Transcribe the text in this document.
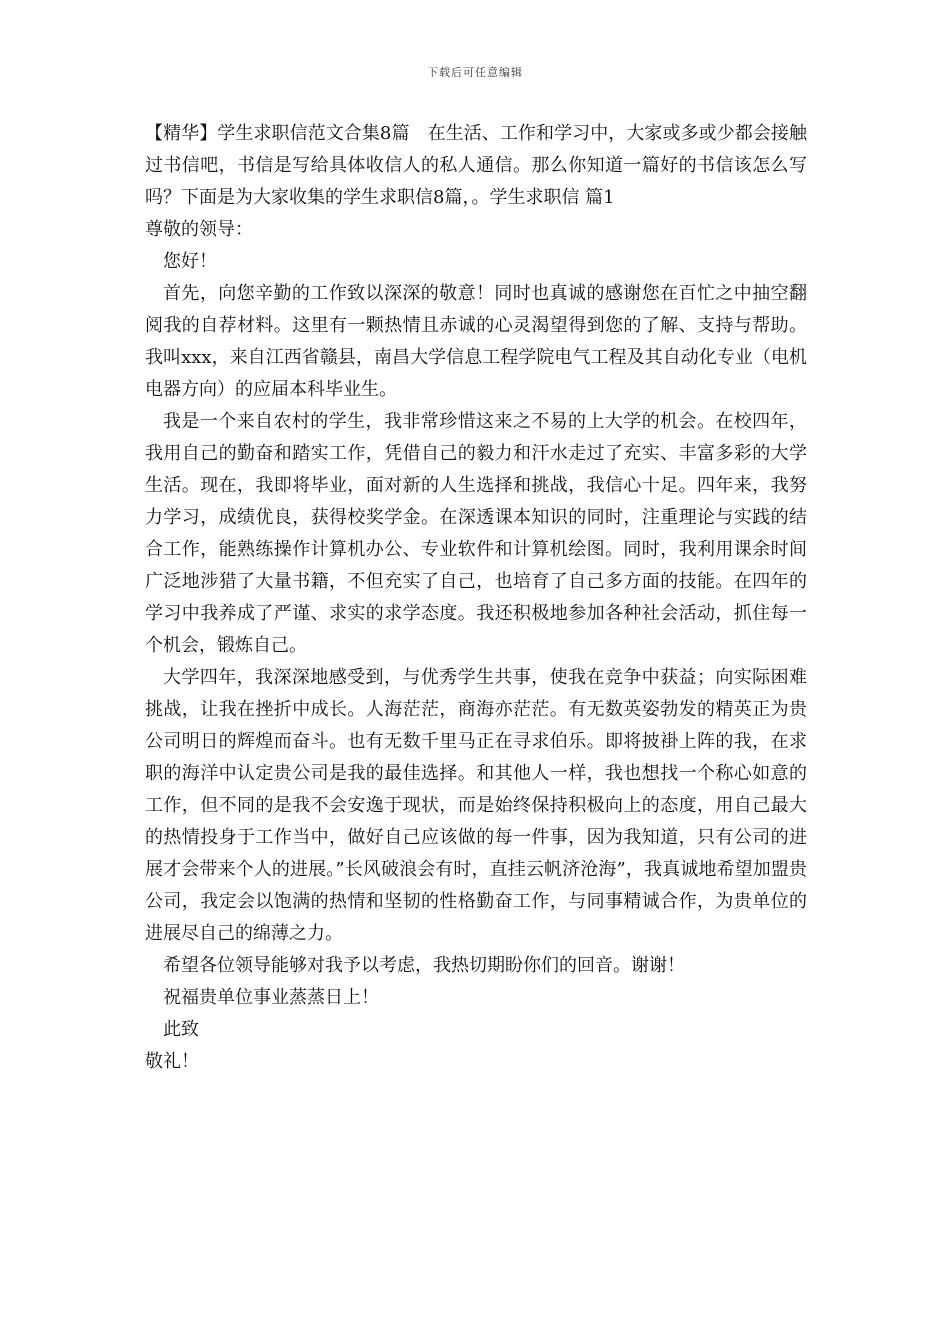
下载后可任意编辑

【精华】学生求职信范文合集8篇　在生活、工作和学习中，大家或多或少都会接触过书信吧，书信是写给具体收信人的私人通信。那么你知道一篇好的书信该怎么写吗？下面是为大家收集的学生求职信8篇，。学生求职信 篇1

尊敬的领导：

您好！

首先，向您辛勤的工作致以深深的敬意！同时也真诚的感谢您在百忙之中抽空翻阅我的自荐材料。这里有一颗热情且赤诚的心灵渴望得到您的了解、支持与帮助。我叫xxx，来自江西省赣县，南昌大学信息工程学院电气工程及其自动化专业（电机电器方向）的应届本科毕业生。

我是一个来自农村的学生，我非常珍惜这来之不易的上大学的机会。在校四年，我用自己的勤奋和踏实工作，凭借自己的毅力和汗水走过了充实、丰富多彩的大学生活。现在，我即将毕业，面对新的人生选择和挑战，我信心十足。四年来，我努力学习，成绩优良，获得校奖学金。在深透课本知识的同时，注重理论与实践的结合工作，能熟练操作计算机办公、专业软件和计算机绘图。同时，我利用课余时间广泛地涉猎了大量书籍，不但充实了自己，也培育了自己多方面的技能。在四年的学习中我养成了严谨、求实的求学态度。我还积极地参加各种社会活动，抓住每一个机会，锻炼自己。

大学四年，我深深地感受到，与优秀学生共事，使我在竞争中获益；向实际困难挑战，让我在挫折中成长。人海茫茫，商海亦茫茫。有无数英姿勃发的精英正为贵公司明日的辉煌而奋斗。也有无数千里马正在寻求伯乐。即将披褂上阵的我，在求职的海洋中认定贵公司是我的最佳选择。和其他人一样，我也想找一个称心如意的工作，但不同的是我不会安逸于现状，而是始终保持积极向上的态度，用自己最大的热情投身于工作当中，做好自己应该做的每一件事，因为我知道，只有公司的进展才会带来个人的进展。”长风破浪会有时，直挂云帆济沧海”，我真诚地希望加盟贵公司，我定会以饱满的热情和坚韧的性格勤奋工作，与同事精诚合作，为贵单位的进展尽自己的绵薄之力。

希望各位领导能够对我予以考虑，我热切期盼你们的回音。谢谢！

祝福贵单位事业蒸蒸日上！

此致

敬礼！
